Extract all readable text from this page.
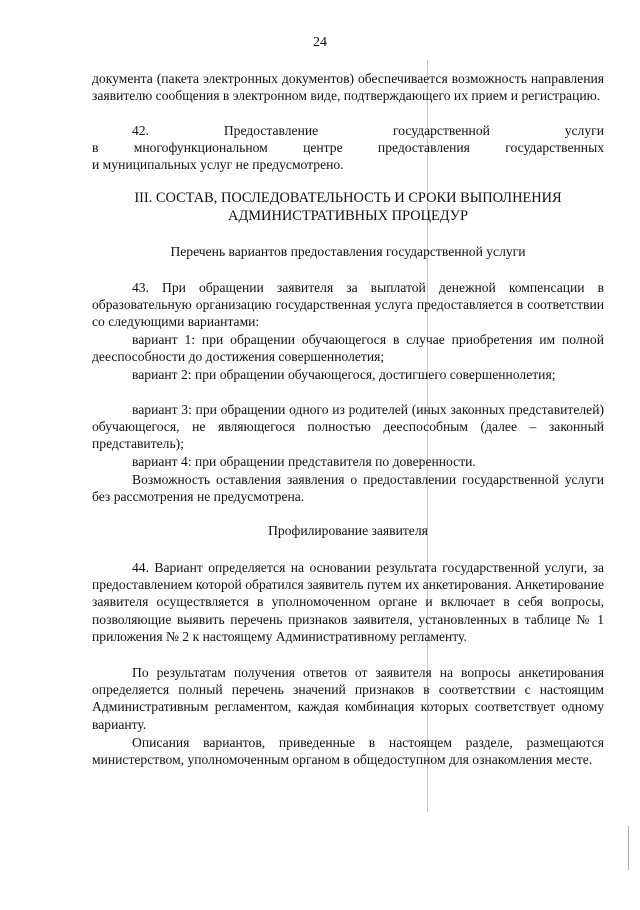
24

документа (пакета электронных документов) обеспечивается возможность направления заявителю сообщения в электронном виде, подтверждающего их прием и регистрацию.

42. Предоставление государственной услуги

в многофункциональном центре предоставления государственных

и муниципальных услуг не предусмотрено.

III. СОСТАВ, ПОСЛЕДОВАТЕЛЬНОСТЬ И СРОКИ ВЫПОЛНЕНИЯ
АДМИНИСТРАТИВНЫХ ПРОЦЕДУР
Перечень вариантов предоставления государственной услуги

43. При обращении заявителя за выплатой денежной компенсации в образовательную организацию государственная услуга предоставляется в соответствии со следующими вариантами:

вариант 1: при обращении обучающегося в случае приобретения им полной дееспособности до достижения совершеннолетия;

вариант 2: при обращении обучающегося, достигшего совершеннолетия;

вариант 3: при обращении одного из родителей (иных законных представителей) обучающегося, не являющегося полностью дееспособным (далее – законный представитель);

вариант 4: при обращении представителя по доверенности.

Возможность оставления заявления о предоставлении государственной услуги без рассмотрения не предусмотрена.

Профилирование заявителя

44. Вариант определяется на основании результата государственной услуги, за предоставлением которой обратился заявитель путем их анкетирования. Анкетирование заявителя осуществляется в уполномоченном органе и включает в себя вопросы, позволяющие выявить перечень признаков заявителя, установленных в таблице № 1 приложения № 2 к настоящему Административному регламенту.

По результатам получения ответов от заявителя на вопросы анкетирования определяется полный перечень значений признаков в соответствии с настоящим Административным регламентом, каждая комбинация которых соответствует одному варианту.

Описания вариантов, приведенные в настоящем разделе, размещаются министерством, уполномоченным органом в общедоступном для ознакомления месте.
